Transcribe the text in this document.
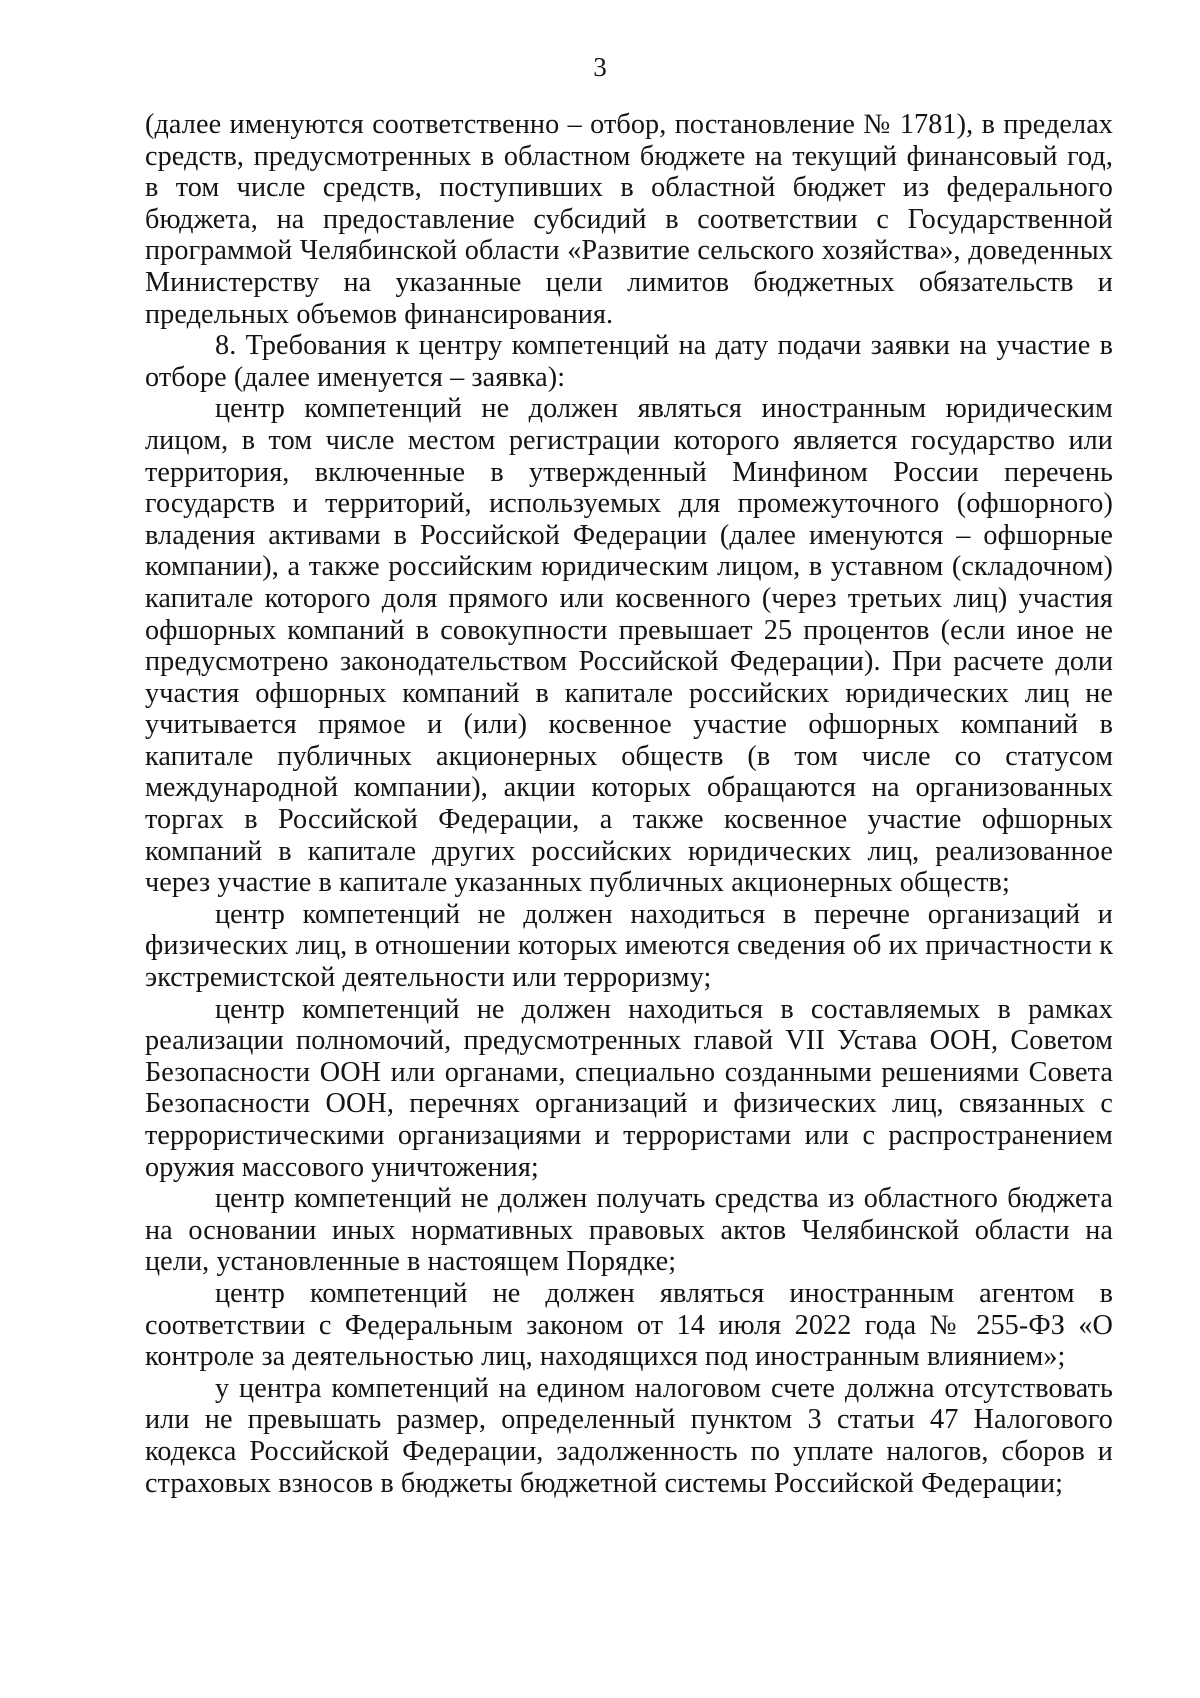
3

(далее именуются соответственно – отбор, постановление № 1781), в пределах средств, предусмотренных в областном бюджете на текущий финансовый год, в том числе средств, поступивших в областной бюджет из федерального бюджета, на предоставление субсидий в соответствии с Государственной программой Челябинской области «Развитие сельского хозяйства», доведенных Министерству на указанные цели лимитов бюджетных обязательств и предельных объемов финансирования.

8. Требования к центру компетенций на дату подачи заявки на участие в отборе (далее именуется – заявка):

центр компетенций не должен являться иностранным юридическим лицом, в том числе местом регистрации которого является государство или территория, включенные в утвержденный Минфином России перечень государств и территорий, используемых для промежуточного (офшорного) владения активами в Российской Федерации (далее именуются – офшорные компании), а также российским юридическим лицом, в уставном (складочном) капитале которого доля прямого или косвенного (через третьих лиц) участия офшорных компаний в совокупности превышает 25 процентов (если иное не предусмотрено законодательством Российской Федерации). При расчете доли участия офшорных компаний в капитале российских юридических лиц не учитывается прямое и (или) косвенное участие офшорных компаний в капитале публичных акционерных обществ (в том числе со статусом международной компании), акции которых обращаются на организованных торгах в Российской Федерации, а также косвенное участие офшорных компаний в капитале других российских юридических лиц, реализованное через участие в капитале указанных публичных акционерных обществ;

центр компетенций не должен находиться в перечне организаций и физических лиц, в отношении которых имеются сведения об их причастности к экстремистской деятельности или терроризму;

центр компетенций не должен находиться в составляемых в рамках реализации полномочий, предусмотренных главой VII Устава ООН, Советом Безопасности ООН или органами, специально созданными решениями Совета Безопасности ООН, перечнях организаций и физических лиц, связанных с террористическими организациями и террористами или с распространением оружия массового уничтожения;

центр компетенций не должен получать средства из областного бюджета на основании иных нормативных правовых актов Челябинской области на цели, установленные в настоящем Порядке;

центр компетенций не должен являться иностранным агентом в соответствии с Федеральным законом от 14 июля 2022 года № 255-ФЗ «О контроле за деятельностью лиц, находящихся под иностранным влиянием»;

у центра компетенций на едином налоговом счете должна отсутствовать или не превышать размер, определенный пунктом 3 статьи 47 Налогового кодекса Российской Федерации, задолженность по уплате налогов, сборов и страховых взносов в бюджеты бюджетной системы Российской Федерации;
